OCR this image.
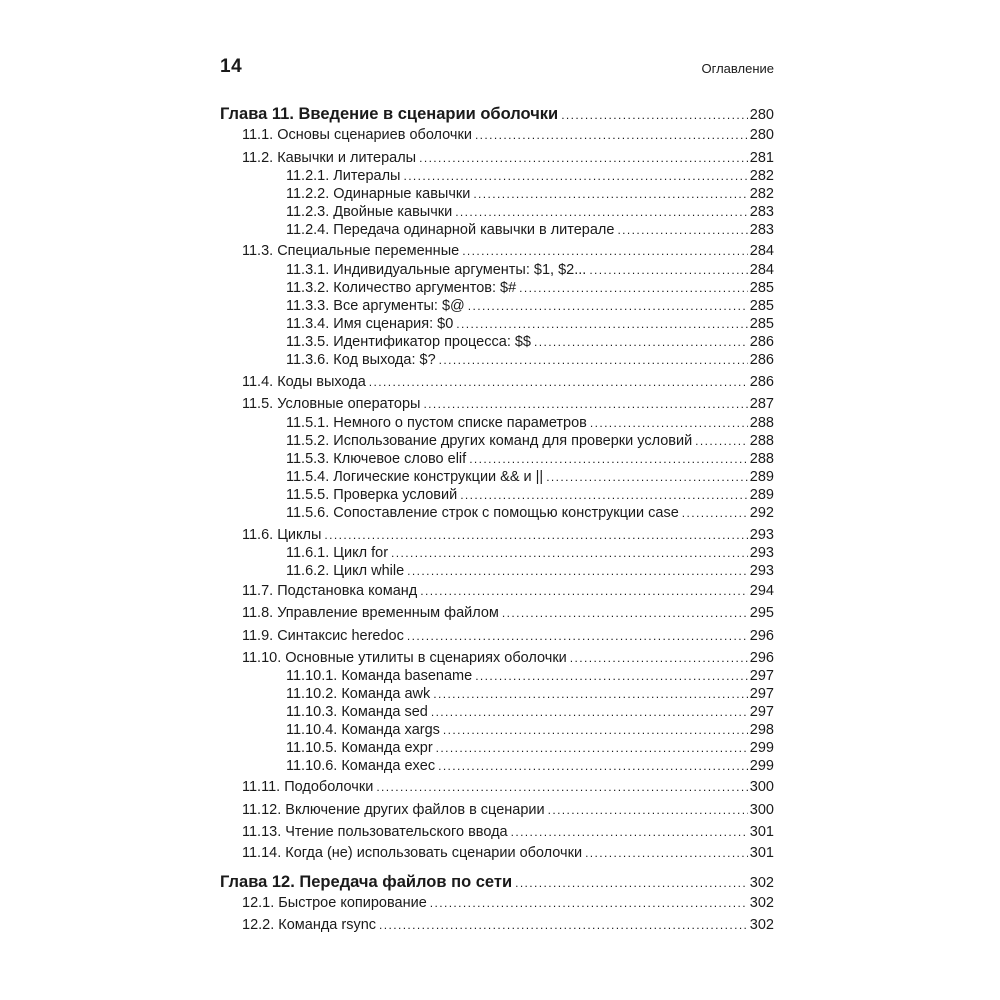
14	Оглавление
Глава 11. Введение в сценарии оболочки .....	280
11.1. Основы сценариев оболочки .....	280
11.2. Кавычки и литералы .....	281
11.2.1. Литералы .....	282
11.2.2. Одинарные кавычки .....	282
11.2.3. Двойные кавычки .....	283
11.2.4. Передача одинарной кавычки в литерале .....	283
11.3. Специальные переменные .....	284
11.3.1. Индивидуальные аргументы: $1, $2... .....	284
11.3.2. Количество аргументов: $# .....	285
11.3.3. Все аргументы: $@ .....	285
11.3.4. Имя сценария: $0 .....	285
11.3.5. Идентификатор процесса: $$ .....	286
11.3.6. Код выхода: $? .....	286
11.4. Коды выхода .....	286
11.5. Условные операторы .....	287
11.5.1. Немного о пустом списке параметров .....	288
11.5.2. Использование других команд для проверки условий .....	288
11.5.3. Ключевое слово elif .....	288
11.5.4. Логические конструкции && и || .....	289
11.5.5. Проверка условий .....	289
11.5.6. Сопоставление строк с помощью конструкции case .....	292
11.6. Циклы .....	293
11.6.1. Цикл for .....	293
11.6.2. Цикл while .....	293
11.7. Подстановка команд .....	294
11.8. Управление временным файлом .....	295
11.9. Синтаксис heredoc .....	296
11.10. Основные утилиты в сценариях оболочки .....	296
11.10.1. Команда basename .....	297
11.10.2. Команда awk .....	297
11.10.3. Команда sed .....	297
11.10.4. Команда xargs .....	298
11.10.5. Команда expr .....	299
11.10.6. Команда exec .....	299
11.11. Подоболочки .....	300
11.12. Включение других файлов в сценарии .....	300
11.13. Чтение пользовательского ввода .....	301
11.14. Когда (не) использовать сценарии оболочки .....	301
Глава 12. Передача файлов по сети .....	302
12.1. Быстрое копирование .....	302
12.2. Команда rsync .....	302
